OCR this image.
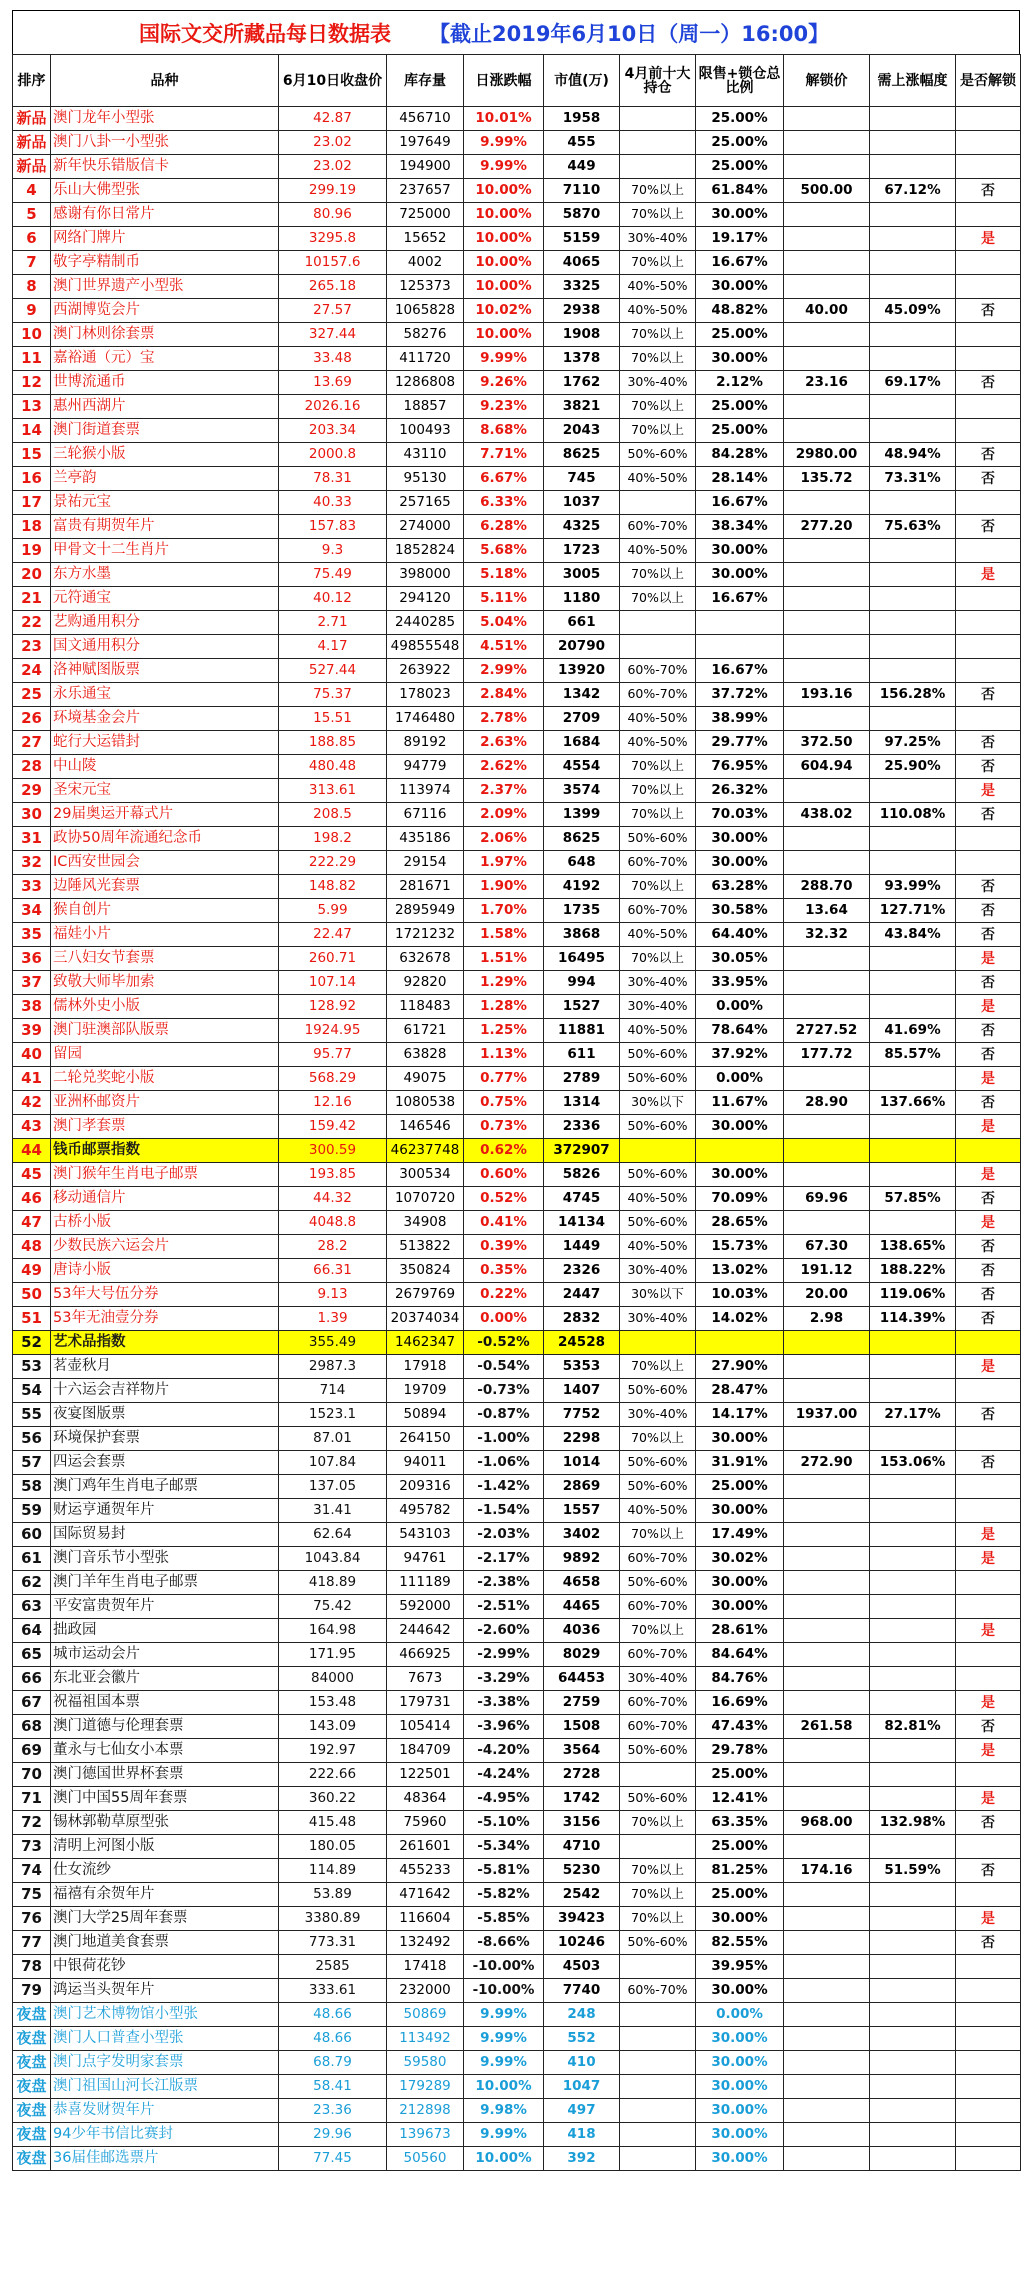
国际文交所藏品每日数据表 【截止2019年6月10日（周一）16:00】
排序	品种	6月10日收盘价	库存量	日涨跌幅	市值(万)	4月前十大持仓	限售+锁仓总比例	解锁价	需上涨幅度	是否解锁
新品	澳门龙年小型张	42.87	456710	10.01%	1958		25.00%			
新品	澳门八卦一小型张	23.02	197649	9.99%	455		25.00%			
新品	新年快乐错版信卡	23.02	194900	9.99%	449		25.00%			
4	乐山大佛型张	299.19	237657	10.00%	7110	70%以上	61.84%	500.00	67.12%	否
5	感谢有你日常片	80.96	725000	10.00%	5870	70%以上	30.00%			
6	网络门牌片	3295.8	15652	10.00%	5159	30%-40%	19.17%			是
7	敬字亭精制币	10157.6	4002	10.00%	4065	70%以上	16.67%			
8	澳门世界遗产小型张	265.18	125373	10.00%	3325	40%-50%	30.00%			
9	西湖博览会片	27.57	1065828	10.02%	2938	40%-50%	48.82%	40.00	45.09%	否
10	澳门林则徐套票	327.44	58276	10.00%	1908	70%以上	25.00%			
11	嘉裕通（元）宝	33.48	411720	9.99%	1378	70%以上	30.00%			
12	世博流通币	13.69	1286808	9.26%	1762	30%-40%	2.12%	23.16	69.17%	否
13	惠州西湖片	2026.16	18857	9.23%	3821	70%以上	25.00%			
14	澳门街道套票	203.34	100493	8.68%	2043	70%以上	25.00%			
15	三轮猴小版	2000.8	43110	7.71%	8625	50%-60%	84.28%	2980.00	48.94%	否
16	兰亭韵	78.31	95130	6.67%	745	40%-50%	28.14%	135.72	73.31%	否
17	景祐元宝	40.33	257165	6.33%	1037		16.67%			
18	富贵有期贺年片	157.83	274000	6.28%	4325	60%-70%	38.34%	277.20	75.63%	否
19	甲骨文十二生肖片	9.3	1852824	5.68%	1723	40%-50%	30.00%			
20	东方水墨	75.49	398000	5.18%	3005	70%以上	30.00%			是
21	元符通宝	40.12	294120	5.11%	1180	70%以上	16.67%			
22	艺购通用积分	2.71	2440285	5.04%	661					
23	国文通用积分	4.17	49855548	4.51%	20790					
24	洛神赋图版票	527.44	263922	2.99%	13920	60%-70%	16.67%			
25	永乐通宝	75.37	178023	2.84%	1342	60%-70%	37.72%	193.16	156.28%	否
26	环境基金会片	15.51	1746480	2.78%	2709	40%-50%	38.99%			
27	蛇行大运错封	188.85	89192	2.63%	1684	40%-50%	29.77%	372.50	97.25%	否
28	中山陵	480.48	94779	2.62%	4554	70%以上	76.95%	604.94	25.90%	否
29	圣宋元宝	313.61	113974	2.37%	3574	70%以上	26.32%			是
30	29届奥运开幕式片	208.5	67116	2.09%	1399	70%以上	70.03%	438.02	110.08%	否
31	政协50周年流通纪念币	198.2	435186	2.06%	8625	50%-60%	30.00%			
32	IC西安世园会	222.29	29154	1.97%	648	60%-70%	30.00%			
33	边陲风光套票	148.82	281671	1.90%	4192	70%以上	63.28%	288.70	93.99%	否
34	猴自创片	5.99	2895949	1.70%	1735	60%-70%	30.58%	13.64	127.71%	否
35	福娃小片	22.47	1721232	1.58%	3868	40%-50%	64.40%	32.32	43.84%	否
36	三八妇女节套票	260.71	632678	1.51%	16495	70%以上	30.05%			是
37	致敬大师毕加索	107.14	92820	1.29%	994	30%-40%	33.95%			否
38	儒林外史小版	128.92	118483	1.28%	1527	30%-40%	0.00%			是
39	澳门驻澳部队版票	1924.95	61721	1.25%	11881	40%-50%	78.64%	2727.52	41.69%	否
40	留园	95.77	63828	1.13%	611	50%-60%	37.92%	177.72	85.57%	否
41	二轮兑奖蛇小版	568.29	49075	0.77%	2789	50%-60%	0.00%			是
42	亚洲杯邮资片	12.16	1080538	0.75%	1314	30%以下	11.67%	28.90	137.66%	否
43	澳门孝套票	159.42	146546	0.73%	2336	50%-60%	30.00%			是
44	钱币邮票指数	300.59	46237748	0.62%	372907					
45	澳门猴年生肖电子邮票	193.85	300534	0.60%	5826	50%-60%	30.00%			是
46	移动通信片	44.32	1070720	0.52%	4745	40%-50%	70.09%	69.96	57.85%	否
47	古桥小版	4048.8	34908	0.41%	14134	50%-60%	28.65%			是
48	少数民族六运会片	28.2	513822	0.39%	1449	40%-50%	15.73%	67.30	138.65%	否
49	唐诗小版	66.31	350824	0.35%	2326	30%-40%	13.02%	191.12	188.22%	否
50	53年大号伍分券	9.13	2679769	0.22%	2447	30%以下	10.03%	20.00	119.06%	否
51	53年无油壹分券	1.39	20374034	0.00%	2832	30%-40%	14.02%	2.98	114.39%	否
52	艺术品指数	355.49	1462347	-0.52%	24528					
53	茗壶秋月	2987.3	17918	-0.54%	5353	70%以上	27.90%			是
54	十六运会吉祥物片	714	19709	-0.73%	1407	50%-60%	28.47%			
55	夜宴图版票	1523.1	50894	-0.87%	7752	30%-40%	14.17%	1937.00	27.17%	否
56	环境保护套票	87.01	264150	-1.00%	2298	70%以上	30.00%			
57	四运会套票	107.84	94011	-1.06%	1014	50%-60%	31.91%	272.90	153.06%	否
58	澳门鸡年生肖电子邮票	137.05	209316	-1.42%	2869	50%-60%	25.00%			
59	财运亨通贺年片	31.41	495782	-1.54%	1557	40%-50%	30.00%			
60	国际贸易封	62.64	543103	-2.03%	3402	70%以上	17.49%			是
61	澳门音乐节小型张	1043.84	94761	-2.17%	9892	60%-70%	30.02%			是
62	澳门羊年生肖电子邮票	418.89	111189	-2.38%	4658	50%-60%	30.00%			
63	平安富贵贺年片	75.42	592000	-2.51%	4465	60%-70%	30.00%			
64	拙政园	164.98	244642	-2.60%	4036	70%以上	28.61%			是
65	城市运动会片	171.95	466925	-2.99%	8029	60%-70%	84.64%			
66	东北亚会徽片	84000	7673	-3.29%	64453	30%-40%	84.76%			
67	祝福祖国本票	153.48	179731	-3.38%	2759	60%-70%	16.69%			是
68	澳门道德与伦理套票	143.09	105414	-3.96%	1508	60%-70%	47.43%	261.58	82.81%	否
69	董永与七仙女小本票	192.97	184709	-4.20%	3564	50%-60%	29.78%			是
70	澳门德国世界杯套票	222.66	122501	-4.24%	2728		25.00%			
71	澳门中国55周年套票	360.22	48364	-4.95%	1742	50%-60%	12.41%			是
72	锡林郭勒草原型张	415.48	75960	-5.10%	3156	70%以上	63.35%	968.00	132.98%	否
73	清明上河图小版	180.05	261601	-5.34%	4710		25.00%			
74	仕女流纱	114.89	455233	-5.81%	5230	70%以上	81.25%	174.16	51.59%	否
75	福禧有余贺年片	53.89	471642	-5.82%	2542	70%以上	25.00%			
76	澳门大学25周年套票	3380.89	116604	-5.85%	39423	70%以上	30.00%			是
77	澳门地道美食套票	773.31	132492	-8.66%	10246	50%-60%	82.55%			否
78	中银荷花钞	2585	17418	-10.00%	4503		39.95%			
79	鸿运当头贺年片	333.61	232000	-10.00%	7740	60%-70%	30.00%			
夜盘	澳门艺术博物馆小型张	48.66	50869	9.99%	248		0.00%			
夜盘	澳门人口普查小型张	48.66	113492	9.99%	552		30.00%			
夜盘	澳门点字发明家套票	68.79	59580	9.99%	410		30.00%			
夜盘	澳门祖国山河长江版票	58.41	179289	10.00%	1047		30.00%			
夜盘	恭喜发财贺年片	23.36	212898	9.98%	497		30.00%			
夜盘	94少年书信比赛封	29.96	139673	9.99%	418		30.00%			
夜盘	36届佳邮选票片	77.45	50560	10.00%	392		30.00%			
